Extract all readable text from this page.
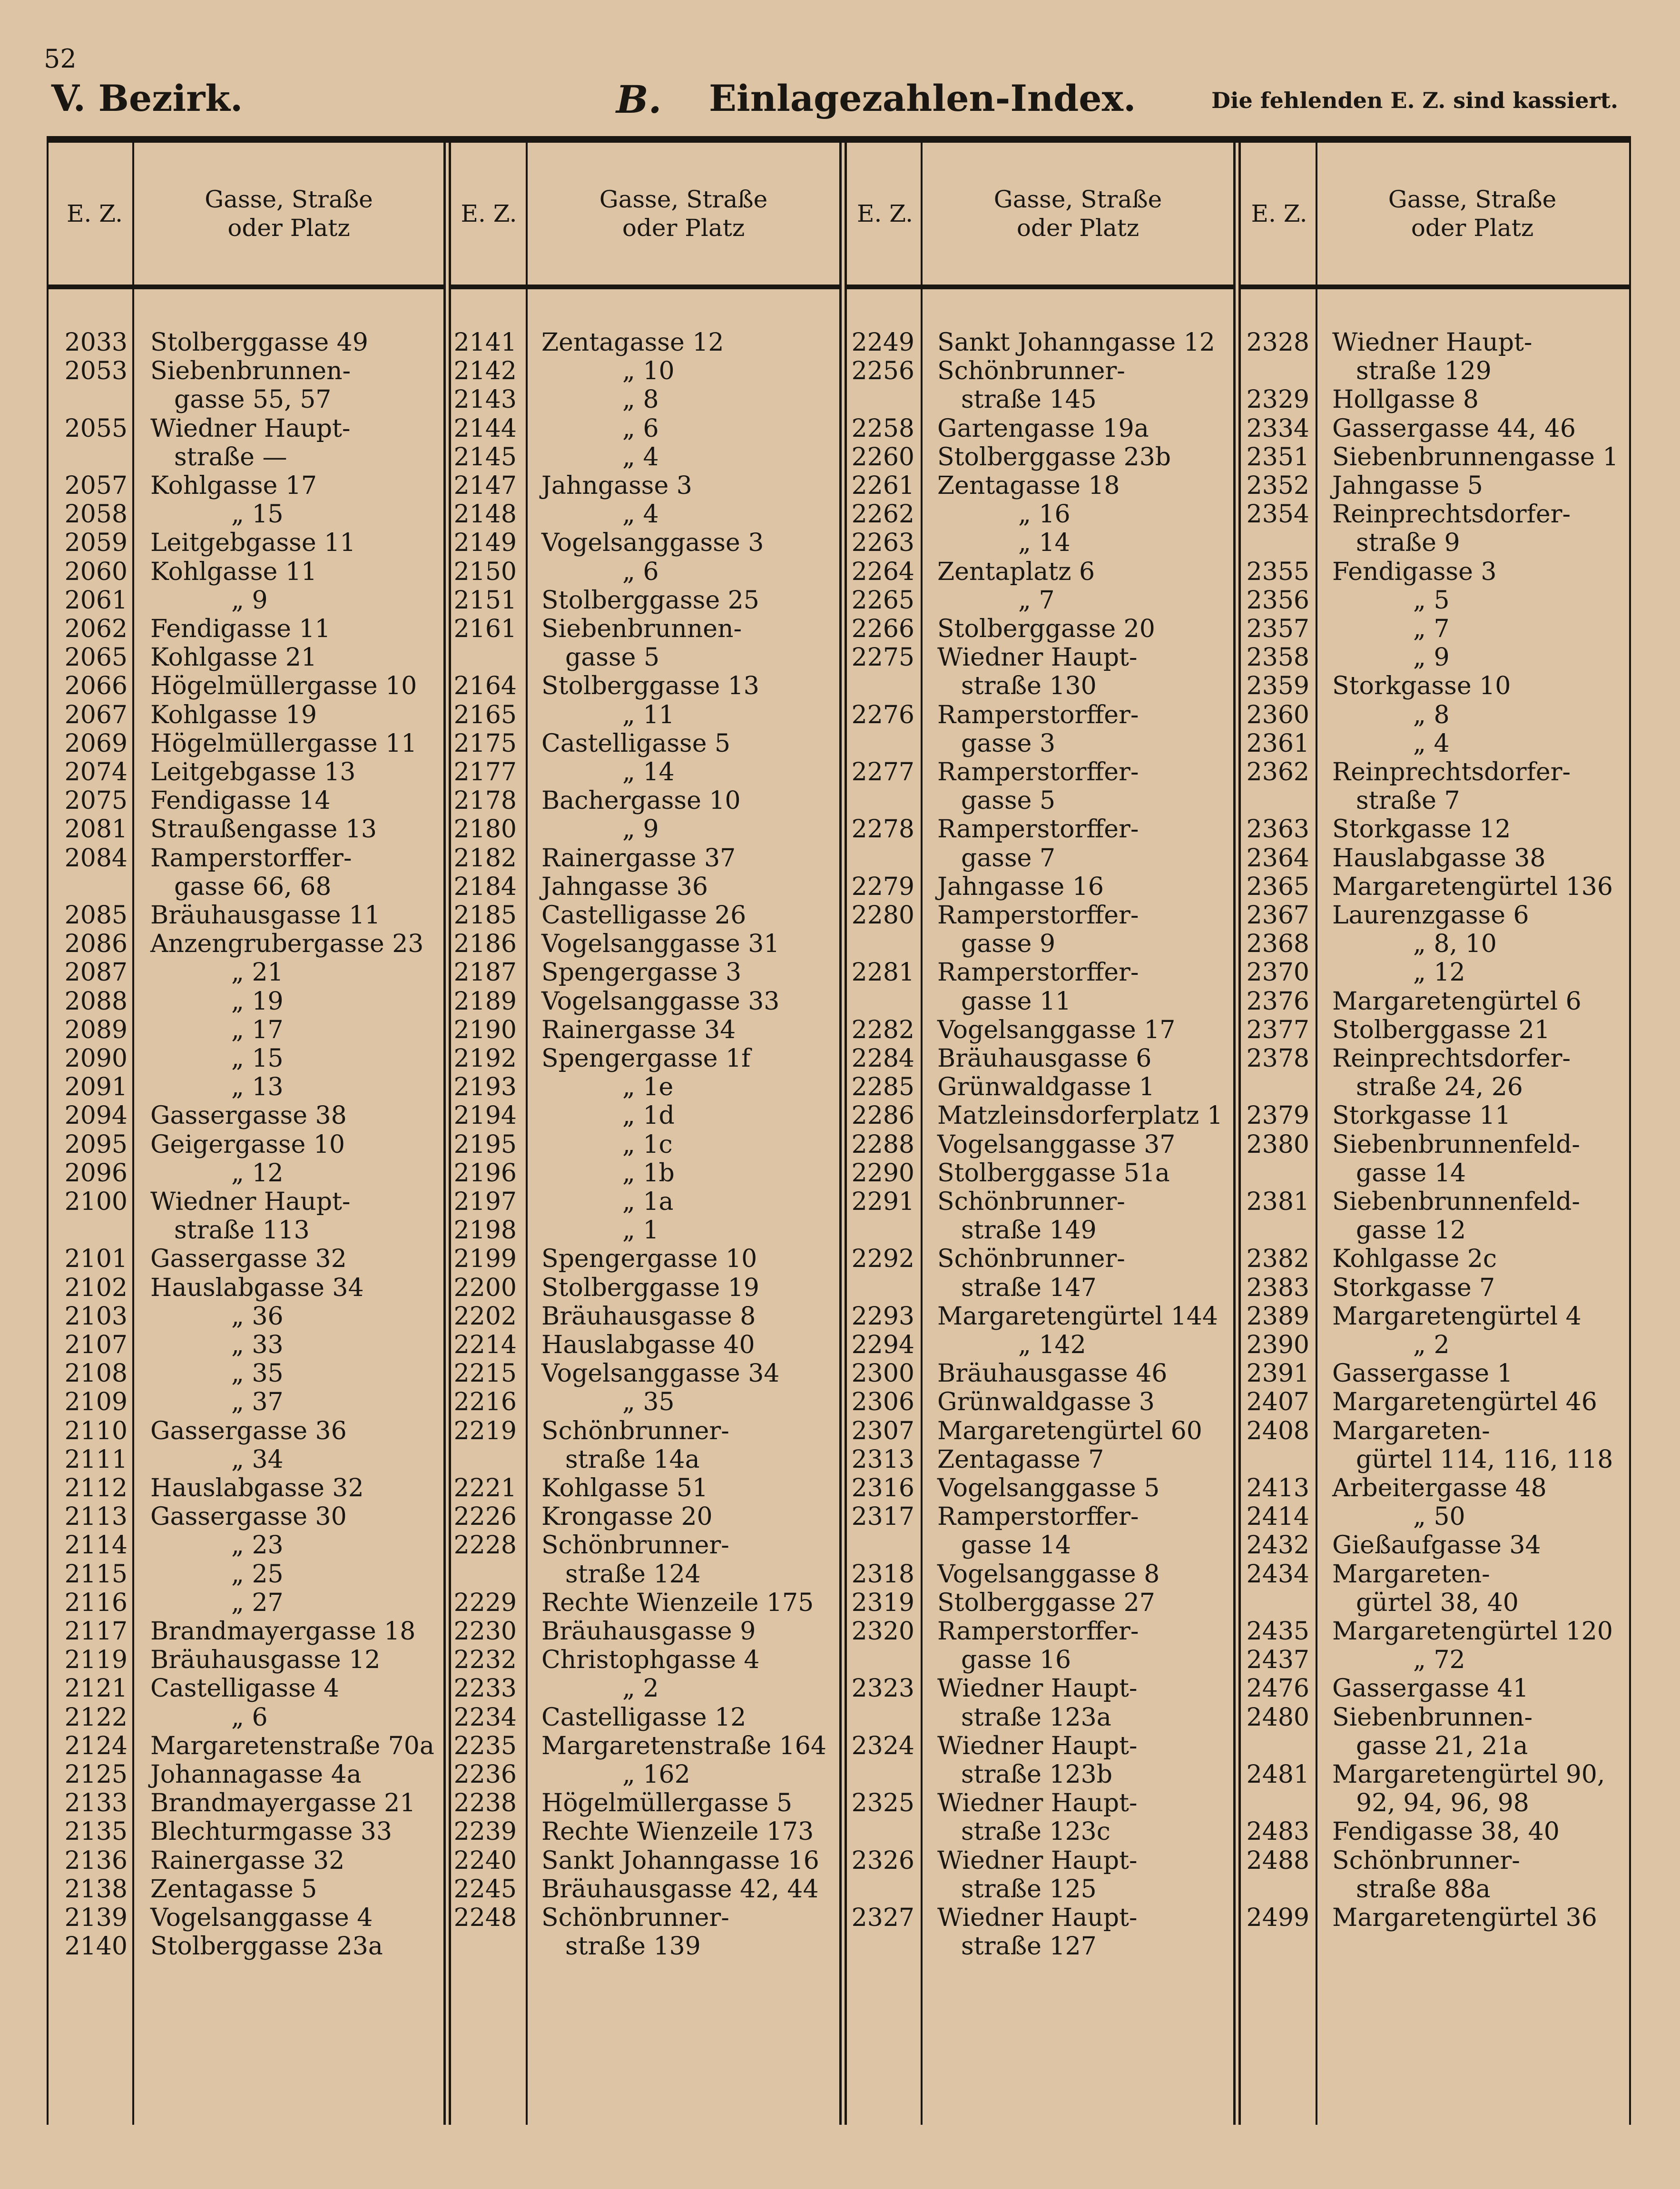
52
V. Bezirk.	B. Einlagezahlen-Index.	Die fehlenden E. Z. sind kassiert.
E. Z.
Gasse, Straße
oder Platz
2033 Stolberggasse 49
2053 Siebenbrunnen-
gasse 55, 57
2055 Wiedner Haupt-
straße —
2057 Kohlgasse 17
2058	„ 15
2059 Leitgebgasse 11
2060 Kohlgasse 11
2061	„ 9
2062 Fendigasse 11
2065 Kohlgasse 21
2066 Högelmüllergasse 10
2067 Kohlgasse 19
2069 Högelmüllergasse 11
2074 Leitgebgasse 13
2075 Fendigasse 14
2081 Straußengasse 13
2084 Ramperstorffer-
gasse 66, 68
2085 Bräuhausgasse 11
2086 Anzengrubergasse 23
2087	„ 21
2088	„ 19
2089	„ 17
2090	„ 15
2091	„ 13
2094 Gassergasse 38
2095 Geigergasse 10
2096	„ 12
2100 Wiedner Haupt-
straße 113
2101 Gassergasse 32
2102 Hauslabgasse 34
2103	„ 36
2107	„ 33
2108	„ 35
2109	„ 37
2110 Gassergasse 36
2111	„ 34
2112 Hauslabgasse 32
2113 Gassergasse 30
2114	„ 23
2115	„ 25
2116	„ 27
2117 Brandmayergasse 18
2119 Bräuhausgasse 12
2121 Castelligasse 4
2122	„ 6
2124 Margaretenstraße 70a
2125 Johannagasse 4a
2133 Brandmayergasse 21
2135 Blechturmgasse 33
2136 Rainergasse 32
2138 Zentagasse 5
2139 Vogelsanggasse 4
2140 Stolberggasse 23a
E. Z.
Gasse, Straße
oder Platz
2141 Zentagasse 12
2142	„ 10
2143	„ 8
2144	„ 6
2145	„ 4
2147 Jahngasse 3
2148	„ 4
2149 Vogelsanggasse 3
2150	„ 6
2151 Stolberggasse 25
2161 Siebenbrunnen-
gasse 5
2164 Stolberggasse 13
2165	„ 11
2175 Castelligasse 5
2177	„ 14
2178 Bachergasse 10
2180	„ 9
2182 Rainergasse 37
2184 Jahngasse 36
2185 Castelligasse 26
2186 Vogelsanggasse 31
2187 Spengergasse 3
2189 Vogelsanggasse 33
2190 Rainergasse 34
2192 Spengergasse 1f
2193	„ 1e
2194	„ 1d
2195	„ 1c
2196	„ 1b
2197	„ 1a
2198	„ 1
2199 Spengergasse 10
2200 Stolberggasse 19
2202 Bräuhausgasse 8
2214 Hauslabgasse 40
2215 Vogelsanggasse 34
2216	„ 35
2219 Schönbrunner-
straße 14a
2221 Kohlgasse 51
2226 Krongasse 20
2228 Schönbrunner-
straße 124
2229 Rechte Wienzeile 175
2230 Bräuhausgasse 9
2232 Christophgasse 4
2233	„ 2
2234 Castelligasse 12
2235 Margaretenstraße 164
2236	„ 162
2238 Högelmüllergasse 5
2239 Rechte Wienzeile 173
2240 Sankt Johanngasse 16
2245 Bräuhausgasse 42, 44
2248 Schönbrunner-
straße 139
E. Z.
Gasse, Straße
oder Platz
2249 Sankt Johanngasse 12
2256 Schönbrunner-
straße 145
2258 Gartengasse 19a
2260 Stolberggasse 23b
2261 Zentagasse 18
2262	„ 16
2263	„ 14
2264 Zentaplatz 6
2265	„ 7
2266 Stolberggasse 20
2275 Wiedner Haupt-
straße 130
2276 Ramperstorffer-
gasse 3
2277 Ramperstorffer-
gasse 5
2278 Ramperstorffer-
gasse 7
2279 Jahngasse 16
2280 Ramperstorffer-
gasse 9
2281 Ramperstorffer-
gasse 11
2282 Vogelsanggasse 17
2284 Bräuhausgasse 6
2285 Grünwaldgasse 1
2286 Matzleinsdorferplatz 1
2288 Vogelsanggasse 37
2290 Stolberggasse 51a
2291 Schönbrunner-
straße 149
2292 Schönbrunner-
straße 147
2293 Margaretengürtel 144
2294	„ 142
2300 Bräuhausgasse 46
2306 Grünwaldgasse 3
2307 Margaretengürtel 60
2313 Zentagasse 7
2316 Vogelsanggasse 5
2317 Ramperstorffer-
gasse 14
2318 Vogelsanggasse 8
2319 Stolberggasse 27
2320 Ramperstorffer-
gasse 16
2323 Wiedner Haupt-
straße 123a
2324 Wiedner Haupt-
straße 123b
2325 Wiedner Haupt-
straße 123c
2326 Wiedner Haupt-
straße 125
2327 Wiedner Haupt-
straße 127
E. Z.
Gasse, Straße
oder Platz
2328 Wiedner Haupt-
straße 129
2329 Hollgasse 8
2334 Gassergasse 44, 46
2351 Siebenbrunnengasse 1
2352 Jahngasse 5
2354 Reinprechtsdorfer-
straße 9
2355 Fendigasse 3
2356	„ 5
2357	„ 7
2358	„ 9
2359 Storkgasse 10
2360	„ 8
2361	„ 4
2362 Reinprechtsdorfer-
straße 7
2363 Storkgasse 12
2364 Hauslabgasse 38
2365 Margaretengürtel 136
2367 Laurenzgasse 6
2368	„ 8, 10
2370	„ 12
2376 Margaretengürtel 6
2377 Stolberggasse 21
2378 Reinprechtsdorfer-
straße 24, 26
2379 Storkgasse 11
2380 Siebenbrunnenfeld-
gasse 14
2381 Siebenbrunnenfeld-
gasse 12
2382 Kohlgasse 2c
2383 Storkgasse 7
2389 Margaretengürtel 4
2390	„ 2
2391 Gassergasse 1
2407 Margaretengürtel 46
2408 Margareten-
gürtel 114, 116, 118
2413 Arbeitergasse 48
2414	„ 50
2432 Gießaufgasse 34
2434 Margareten-
gürtel 38, 40
2435 Margaretengürtel 120
2437	„ 72
2476 Gassergasse 41
2480 Siebenbrunnen-
gasse 21, 21a
2481 Margaretengürtel 90,
92, 94, 96, 98
2483 Fendigasse 38, 40
2488 Schönbrunner-
straße 88a
2499 Margaretengürtel 36
